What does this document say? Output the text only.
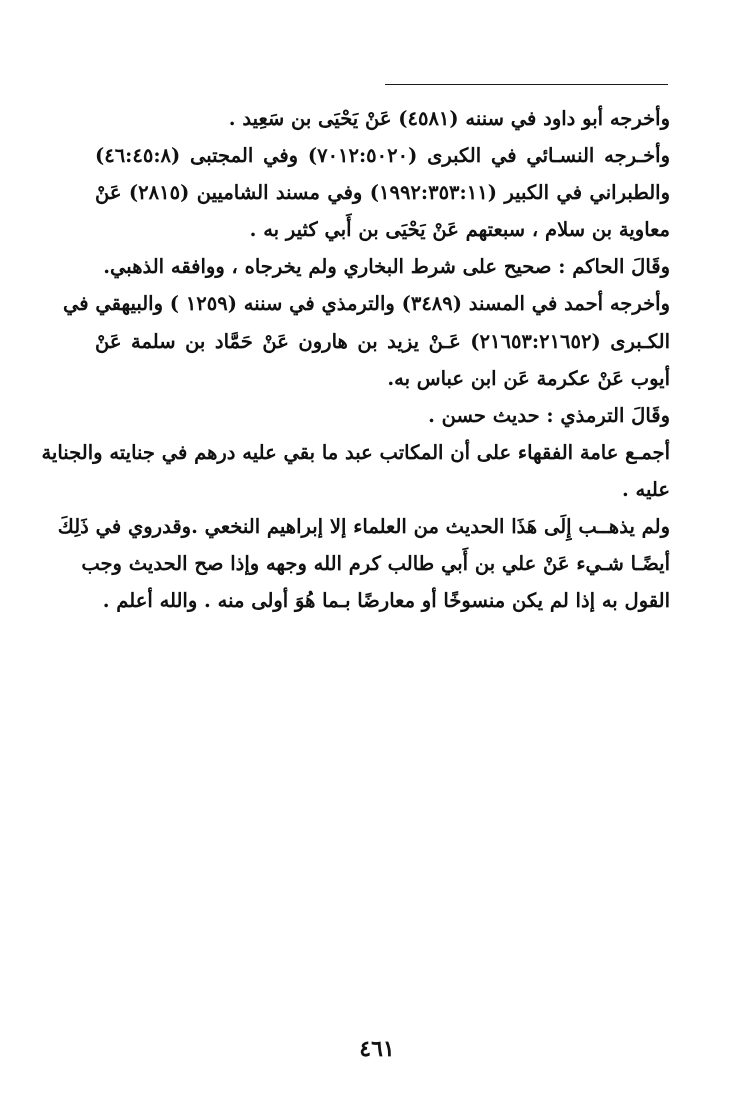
وأخرجه أبو داود في سننه (٤٥٨١) عَنْ يَحْيَى بن سَعِيد .
وأخـرجه النسـائي في الكبرى (٧٠١٢:٥٠٢٠) وفي المجتبى (٤٦:٤٥:٨)
والطبراني في الكبير (١٩٩٢:٣٥٣:١١) وفي مسند الشاميين (٢٨١٥) عَنْ
معاوية بن سلام ، سبعتهم عَنْ يَحْيَى بن أَبي كثير به .
وقَالَ الحاكم : صحيح على شرط البخاري ولم يخرجاه ، ووافقه الذهبي.
وأخرجه أحمد في المسند (٣٤٨٩) والترمذي في سننه (١٢٥٩ ) والبيهقي في
الكـبرى (٢١٦٥٣:٢١٦٥٢) عَـنْ يزيد بن هارون عَنْ حَمَّاد بن سلمة عَنْ
أيوب عَنْ عكرمة عَن ابن عباس به.
وقَالَ الترمذي : حديث حسن .
أجمـع عامة الفقهاء على أن المكاتب عبد ما بقي عليه درهم في جنايته والجناية
عليه .
ولم يذهــب إِلَى هَذَا الحديث من العلماء إلا إبراهيم النخعي .وقدروي في ذَلِكَ
أيضًـا شـيء عَنْ علي بن أَبي طالب كرم الله وجهه وإذا صح الحديث وجب
القول به إذا لم يكن منسوخًا أو معارضًا بـما هُوَ أولى منه . والله أعلم .
٤٦١
